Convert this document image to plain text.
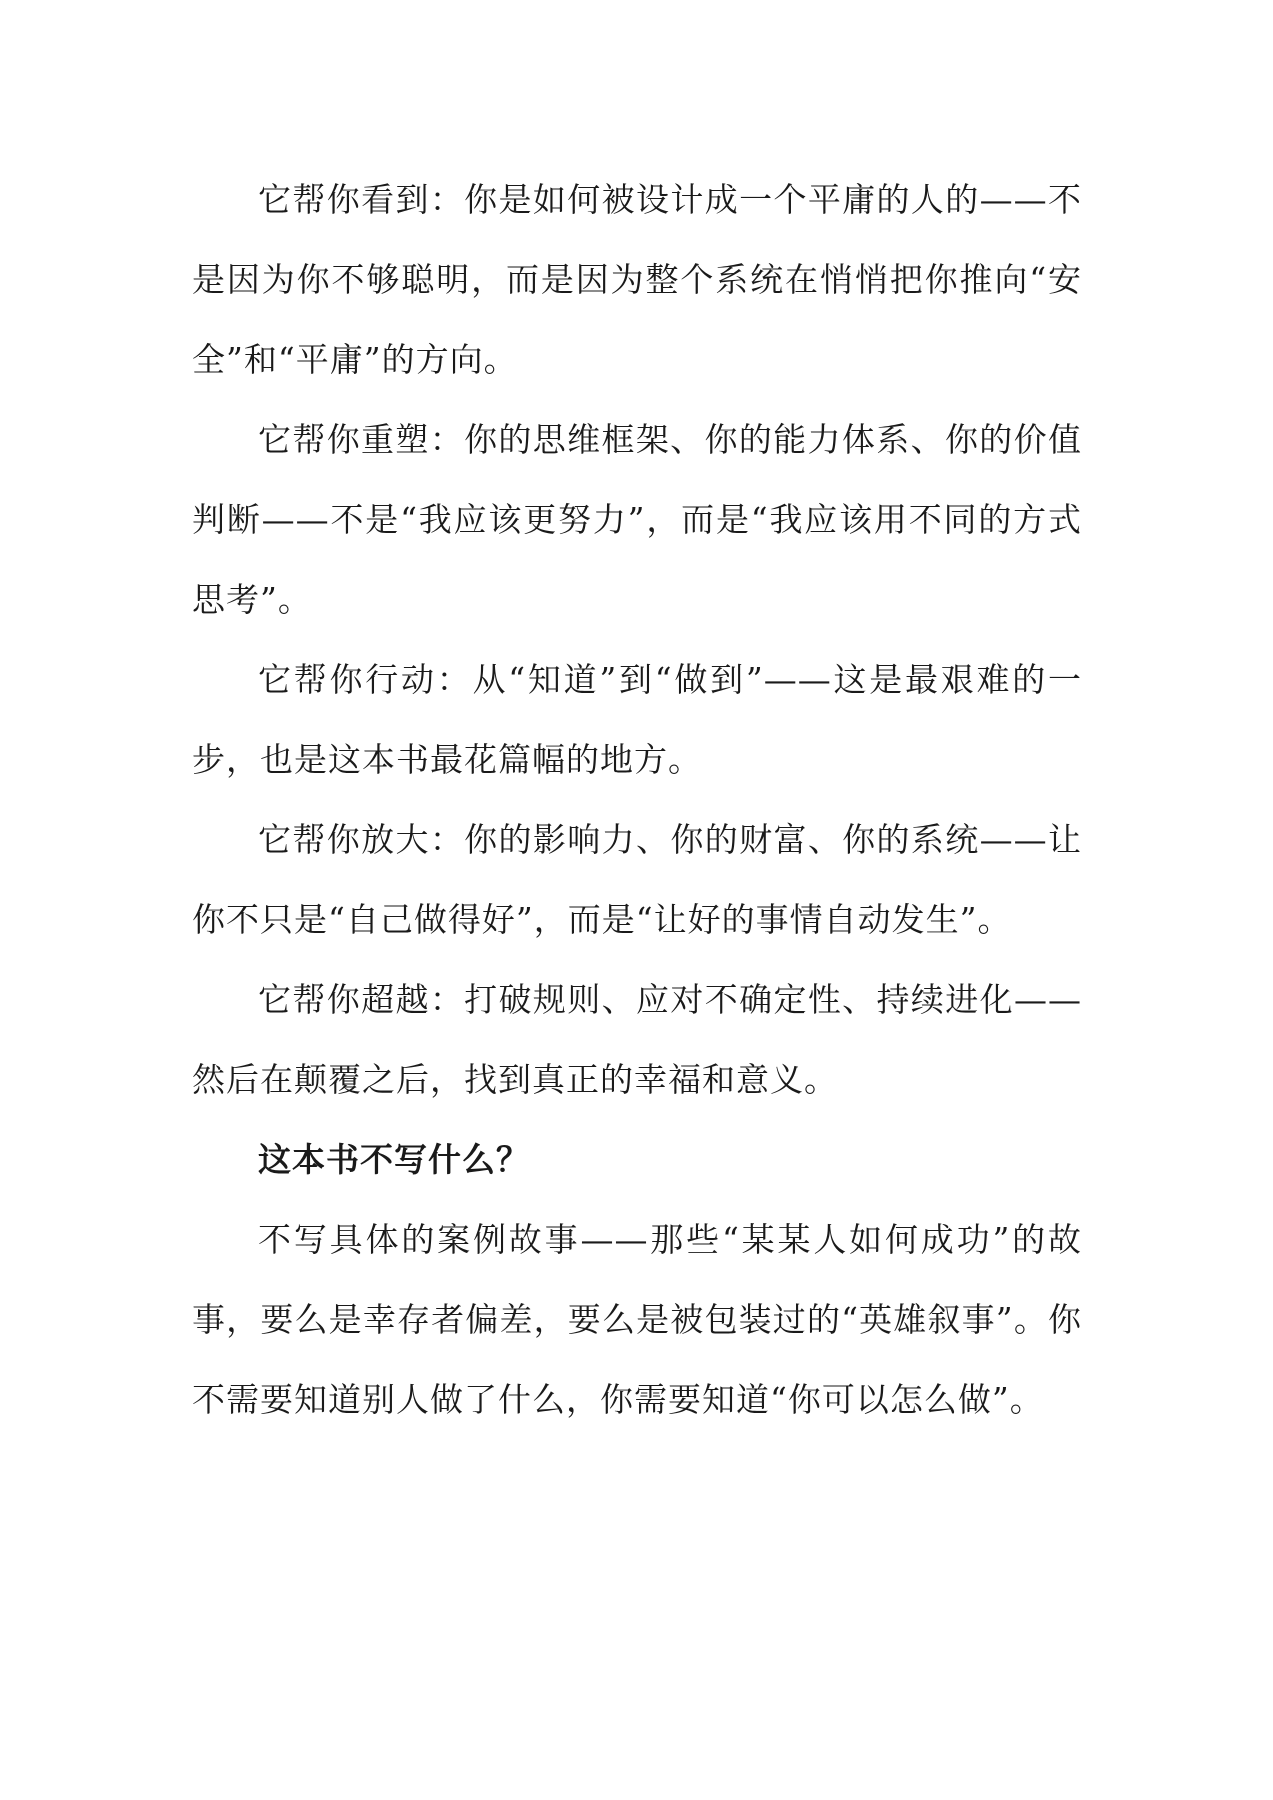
它帮你看到：你是如何被设计成一个平庸的人的——不是因为你不够聪明，而是因为整个系统在悄悄把你推向“安全”和“平庸”的方向。

它帮你重塑：你的思维框架、你的能力体系、你的价值判断——不是“我应该更努力”，而是“我应该用不同的方式思考”。

它帮你行动：从“知道”到“做到”——这是最艰难的一步，也是这本书最花篇幅的地方。

它帮你放大：你的影响力、你的财富、你的系统——让你不只是“自己做得好”，而是“让好的事情自动发生”。

它帮你超越：打破规则、应对不确定性、持续进化——然后在颠覆之后，找到真正的幸福和意义。

这本书不写什么？

不写具体的案例故事——那些“某某人如何成功”的故事，要么是幸存者偏差，要么是被包装过的“英雄叙事”。你不需要知道别人做了什么，你需要知道“你可以怎么做”。
